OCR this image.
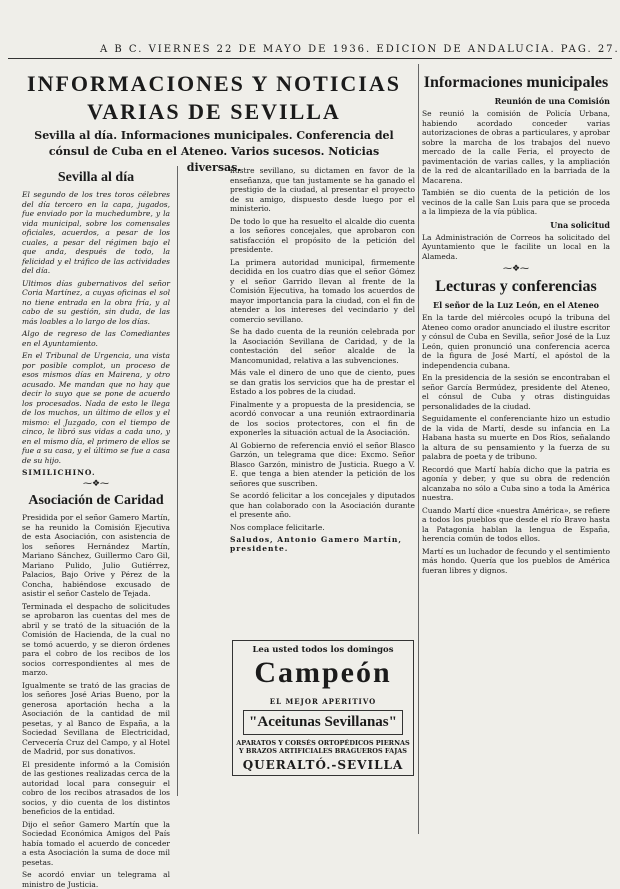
A B C. VIERNES 22 DE MAYO DE 1936. EDICION DE ANDALUCIA. PAG. 27.
INFORMACIONES Y NOTICIAS VARIAS DE SEVILLA
Sevilla al día. Informaciones municipales. Conferencia del cónsul de Cuba en el Ateneo. Varios sucesos. Noticias diversas.
Sevilla al día

El segundo de los tres toros célebres del día tercero en la capa, jugados, fue enviado por la muchedumbre, y la vida municipal, sobre los comensales oficiales, acuerdos, a pesar de los cuales, a pesar del régimen bajo el que anda, después de todo, la felicidad y el tráfico de las actividades del día.

Ultimos días gubernativos del señor Coria Martínez, a cuyas oficinas el sol no tiene entrada en la obra fría, y al cabo de su gestión, sin duda, de las más loables a lo largo de los días.

Algo de regreso de las Comediantes en el Ayuntamiento.

En el Tribunal de Urgencia, una vista por posible complot, un proceso de esos mismos días en Mairena, y otro acusado. Me mandan que no hay que decir lo suyo que se pone de acuerdo los procesados. Nada de esto le llega de los muchos, un último de ellos y el mismo: el Juzgado, con el tiempo de cinco, le libró sus vidas a cada uno, y en el mismo día, el primero de ellos se fue a su casa, y el último se fue a casa de su hijo.

SIMILICHINO.
⁓❖⁓
Asociación de Caridad

Presidida por el señor Gamero Martín, se ha reunido la Comisión Ejecutiva de esta Asociación, con asistencia de los señores Hernández Martín, Mariano Sánchez, Guillermo Caro Gil, Mariano Pulido, Julio Gutiérrez, Palacios, Bajo Orive y Pérez de la Concha, habiéndose excusado de asistir el señor Castelo de Tejada.

Terminada el despacho de solicitudes se aprobaron las cuentas del mes de abril y se trató de la situación de la Comisión de Hacienda, de la cual no se tomó acuerdo, y se dieron órdenes para el cobro de los recibos de los socios correspondientes al mes de marzo.

Igualmente se trató de las gracias de los señores José Arias Bueno, por la generosa aportación hecha a la Asociación de la cantidad de mil pesetas, y al Banco de España, a la Sociedad Sevillana de Electricidad, Cervecería Cruz del Campo, y al Hotel de Madrid, por sus donativos.

El presidente informó a la Comisión de las gestiones realizadas cerca de la autoridad local para conseguir el cobro de los recibos atrasados de los socios, y dio cuenta de los distintos beneficios de la entidad.

Dijo el señor Gamero Martín que la Sociedad Económica Amigos del País había tomado el acuerdo de conceder a esta Asociación la suma de doce mil pesetas.

Se acordó enviar un telegrama al ministro de Justicia.

ilustre sevillano, su dictamen en favor de la enseñanza, que tan justamente se ha ganado el prestigio de la ciudad, al presentar el proyecto de su amigo, dispuesto desde luego por el ministerio.

De todo lo que ha resuelto el alcalde dio cuenta a los señores concejales, que aprobaron con satisfacción el propósito de la petición del presidente.

La primera autoridad municipal, firmemente decidida en los cuatro días que el señor Gómez y el señor Garrido llevan al frente de la Comisión Ejecutiva, ha tomado los acuerdos de mayor importancia para la ciudad, con el fin de atender a los intereses del vecindario y del comercio sevillano.

Se ha dado cuenta de la reunión celebrada por la Asociación Sevillana de Caridad, y de la contestación del señor alcalde de la Mancomunidad, relativa a las subvenciones.

Más vale el dinero de uno que de ciento, pues se dan gratis los servicios que ha de prestar el Estado a los pobres de la ciudad.

Finalmente y a propuesta de la presidencia, se acordó convocar a una reunión extraordinaria de los socios protectores, con el fin de exponerles la situación actual de la Asociación.

Al Gobierno de referencia envió el señor Blasco Garzón, un telegrama que dice: Excmo. Señor Blasco Garzón, ministro de Justicia. Ruego a V. E. que tenga a bien atender la petición de los señores que suscriben.

Se acordó felicitar a los concejales y diputados que han colaborado con la Asociación durante el presente año.

Nos complace felicitarle.

Saludos, Antonio Gamero Martín, presidente.
Lea usted todos los domingos
Campeón
EL MEJOR APERITIVO
"Aceitunas Sevillanas"
APARATOS Y CORSÉS ORTOPÉDICOS PIERNAS Y BRAZOS ARTIFICIALES BRAGUEROS FAJAS
QUERALTÓ.-SEVILLA
Informaciones municipales
Reunión de una Comisión

Se reunió la comisión de Policía Urbana, habiendo acordado conceder varias autorizaciones de obras a particulares, y aprobar sobre la marcha de los trabajos del nuevo mercado de la calle Feria, el proyecto de pavimentación de varias calles, y la ampliación de la red de alcantarillado en la barriada de la Macarena.

También se dio cuenta de la petición de los vecinos de la calle San Luis para que se proceda a la limpieza de la vía pública.

Una solicitud

La Administración de Correos ha solicitado del Ayuntamiento que le facilite un local en la Alameda.

⁓❖⁓
Lecturas y conferencias
El señor de la Luz León, en el Ateneo

En la tarde del miércoles ocupó la tribuna del Ateneo como orador anunciado el ilustre escritor y cónsul de Cuba en Sevilla, señor José de la Luz León, quien pronunció una conferencia acerca de la figura de José Martí, el apóstol de la independencia cubana.

En la presidencia de la sesión se encontraban el señor García Bermúdez, presidente del Ateneo, el cónsul de Cuba y otras distinguidas personalidades de la ciudad.

Seguidamente el conferenciante hizo un estudio de la vida de Martí, desde su infancia en La Habana hasta su muerte en Dos Ríos, señalando la altura de su pensamiento y la fuerza de su palabra de poeta y de tribuno.

Recordó que Martí había dicho que la patria es agonía y deber, y que su obra de redención alcanzaba no sólo a Cuba sino a toda la América nuestra.

Cuando Martí dice «nuestra América», se refiere a todos los pueblos que desde el río Bravo hasta la Patagonia hablan la lengua de España, herencia común de todos ellos.

Martí es un luchador de fecundo y el sentimiento más hondo. Quería que los pueblos de América fueran libres y dignos.
